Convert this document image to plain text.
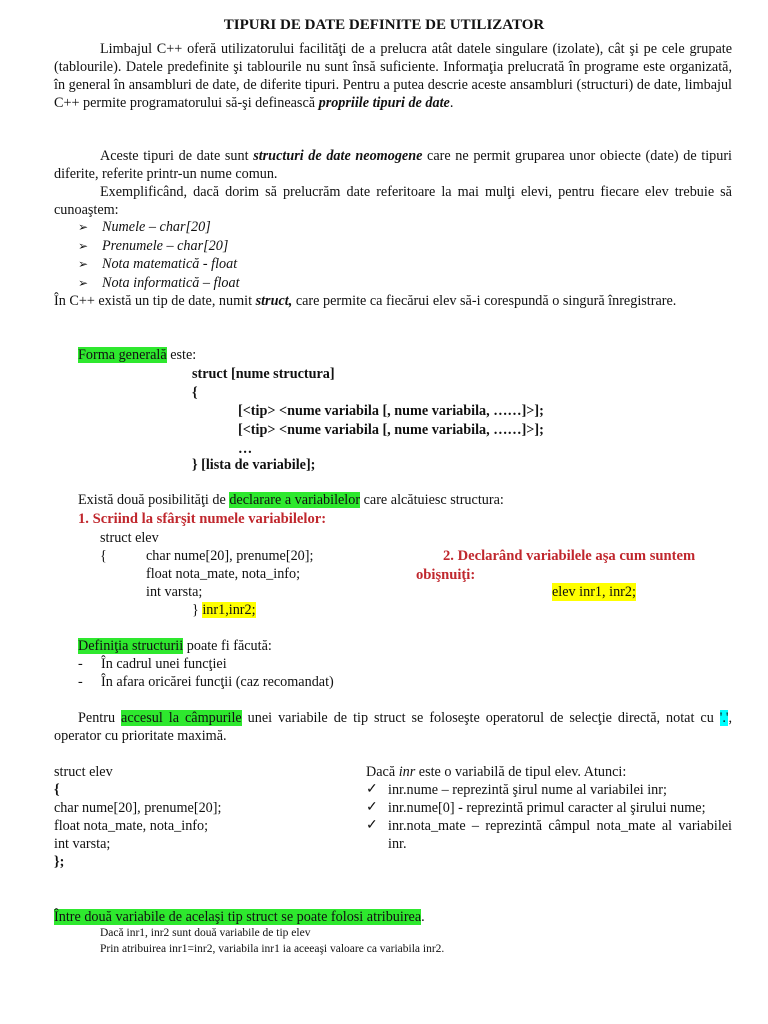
TIPURI DE DATE DEFINITE DE UTILIZATOR
Limbajul C++ oferă utilizatorului facilităţi de a prelucra atât datele singulare (izolate), cât şi pe cele grupate (tablourile). Datele predefinite şi tablourile nu sunt însă suficiente. Informaţia prelucrată în programe este organizată, în general în ansambluri de date, de diferite tipuri. Pentru a putea descrie aceste ansambluri (structuri) de date, limbajul C++ permite programatorului să-şi definească propriile tipuri de date.
Aceste tipuri de date sunt structuri de date neomogene care ne permit gruparea unor obiecte (date) de tipuri diferite, referite printr-un nume comun.
Exemplificând, dacă dorim să prelucrăm date referitoare la mai mulţi elevi, pentru fiecare elev trebuie să cunoaştem:
➢ Numele – char[20]
➢ Prenumele – char[20]
➢ Nota matematică - float
➢ Nota informatică – float
În C++ există un tip de date, numit struct, care permite ca fiecărui elev să-i corespundă o singură înregistrare.
Forma generală este:
struct [nume structura]
{
[<tip> <nume variabila [, nume variabila, ……]>];
[<tip> <nume variabila [, nume variabila, ……]>];
…
} [lista de variabile];
Există două posibilităţi de declarare a variabilelor care alcătuiesc structura:
1. Scriind la sfârşit numele variabilelor:
struct elev
{	char nume[20], prenume[20];
float nota_mate, nota_info;
int varsta;
} inr1,inr2;
2. Declarând variabilele aşa cum suntem
obişnuiţi:
elev inr1, inr2;
Definiţia structurii poate fi făcută:
- În cadrul unei funcţiei
- În afara oricărei funcţii (caz recomandat)
Pentru accesul la câmpurile unei variabile de tip struct se foloseşte operatorul de selecţie directă, notat cu '.', operator cu prioritate maximă.
struct elev
{
char nume[20], prenume[20];
float nota_mate, nota_info;
int varsta;
};
Dacă inr este o variabilă de tipul elev. Atunci:
✓ inr.nume – reprezintă şirul nume al variabilei inr;
✓ inr.nume[0] - reprezintă primul caracter al şirului nume;
✓ inr.nota_mate – reprezintă câmpul nota_mate al variabilei inr.
Între două variabile de acelaşi tip struct se poate folosi atribuirea.
Dacă inr1, inr2 sunt două variabile de tip elev
Prin atribuirea inr1=inr2, variabila inr1 ia aceeaşi valoare ca variabila inr2.
